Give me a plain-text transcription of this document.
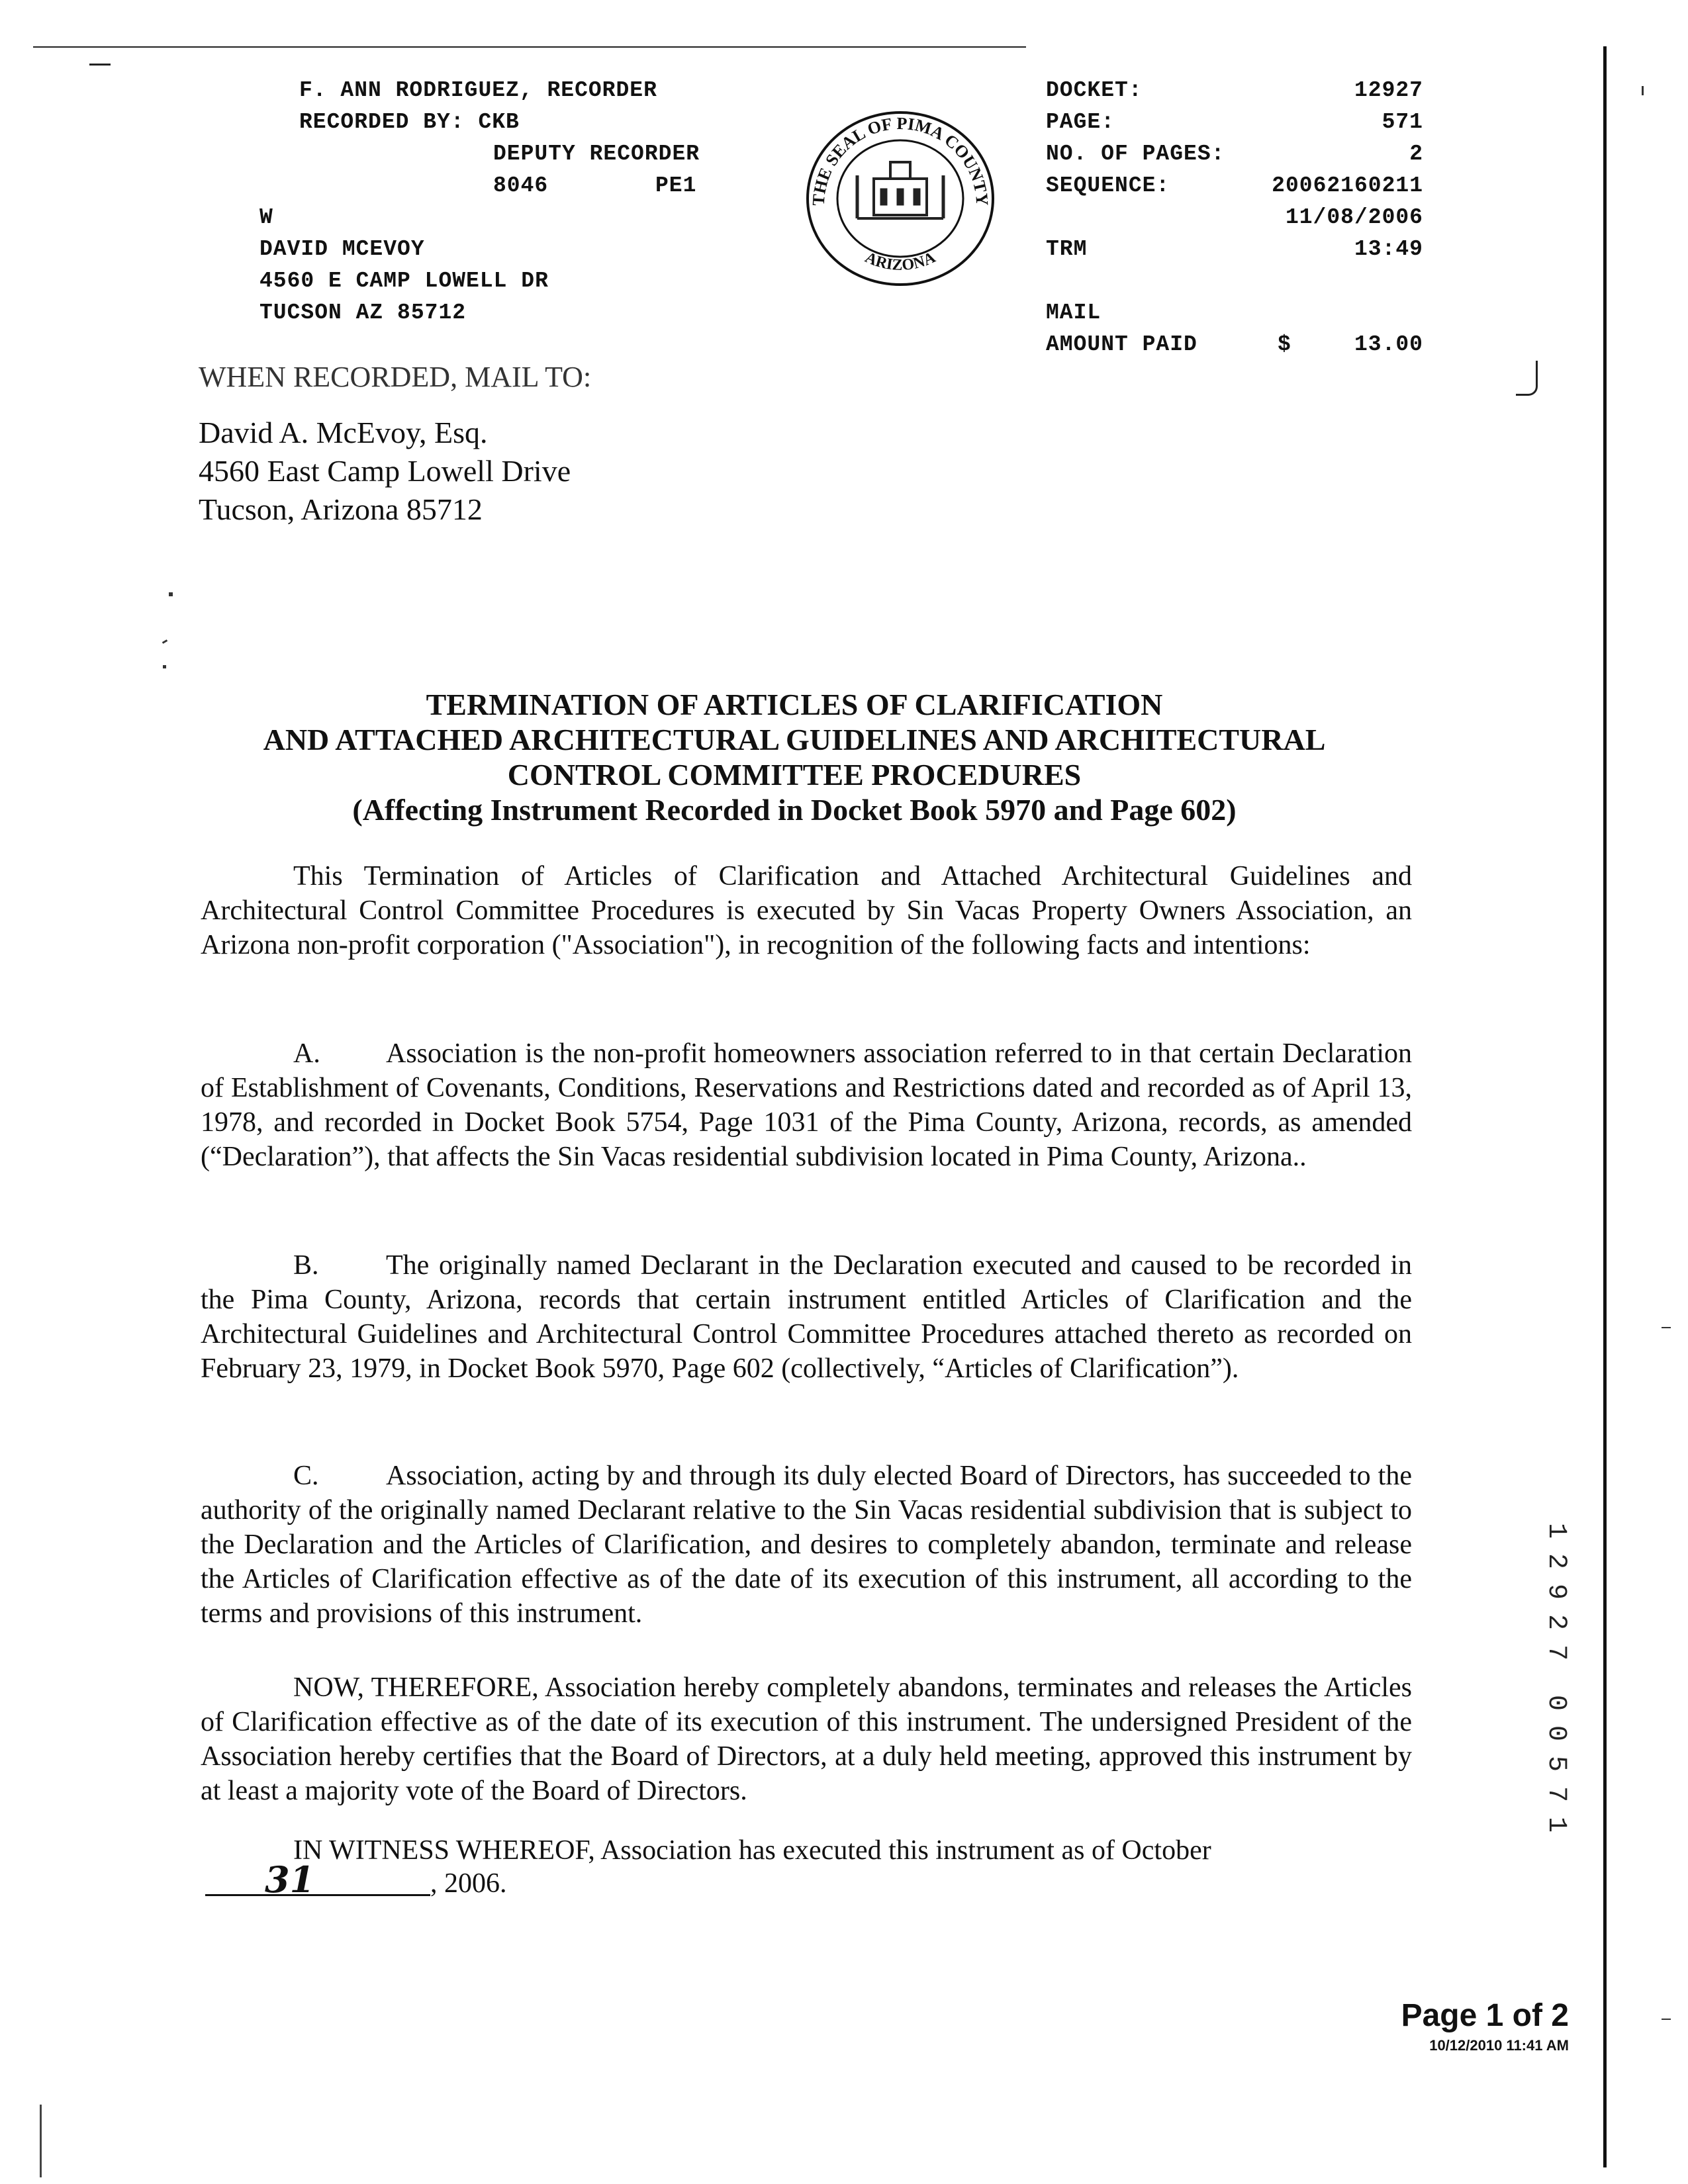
F. ANN RODRIGUEZ, RECORDER
RECORDED BY: CKB
DEPUTY RECORDER
8046	PE1
W
DAVID MCEVOY
4560 E CAMP LOWELL DR
TUCSON AZ 85712
THE SEAL OF PIMA COUNTY
ARIZONA
DOCKET:	12927
PAGE:	571
NO. OF PAGES:	2
SEQUENCE:	20062160211
11/08/2006
TRM	13:49
MAIL
AMOUNT PAID	$	13.00
WHEN RECORDED, MAIL TO:
David A. McEvoy, Esq.
4560 East Camp Lowell Drive
Tucson, Arizona 85712
TERMINATION OF ARTICLES OF CLARIFICATION
AND ATTACHED ARCHITECTURAL GUIDELINES AND ARCHITECTURAL
CONTROL COMMITTEE PROCEDURES
(Affecting Instrument Recorded in Docket Book 5970 and Page 602)
This Termination of Articles of Clarification and Attached Architectural Guidelines and Architectural Control Committee Procedures is executed by Sin Vacas Property Owners Association, an Arizona non-profit corporation ("Association"), in recognition of the following facts and intentions:
A. Association is the non-profit homeowners association referred to in that certain Declaration of Establishment of Covenants, Conditions, Reservations and Restrictions dated and recorded as of April 13, 1978, and recorded in Docket Book 5754, Page 1031 of the Pima County, Arizona, records, as amended (“Declaration”), that affects the Sin Vacas residential subdivision located in Pima County, Arizona..
B. The originally named Declarant in the Declaration executed and caused to be recorded in the Pima County, Arizona, records that certain instrument entitled Articles of Clarification and the Architectural Guidelines and Architectural Control Committee Procedures attached thereto as recorded on February 23, 1979, in Docket Book 5970, Page 602 (collectively, “Articles of Clarification”).
C. Association, acting by and through its duly elected Board of Directors, has succeeded to the authority of the originally named Declarant relative to the Sin Vacas residential subdivision that is subject to the Declaration and the Articles of Clarification, and desires to completely abandon, terminate and release the Articles of Clarification effective as of the date of its execution of this instrument, all according to the terms and provisions of this instrument.
NOW, THEREFORE, Association hereby completely abandons, terminates and releases the Articles of Clarification effective as of the date of its execution of this instrument. The undersigned President of the Association hereby certifies that the Board of Directors, at a duly held meeting, approved this instrument by at least a majority vote of the Board of Directors.
IN WITNESS WHEREOF, Association has executed this instrument as of October
31	, 2006.
1
2
9
2
7
0
0
5
7
1
Page 1 of 2
10/12/2010 11:41 AM
